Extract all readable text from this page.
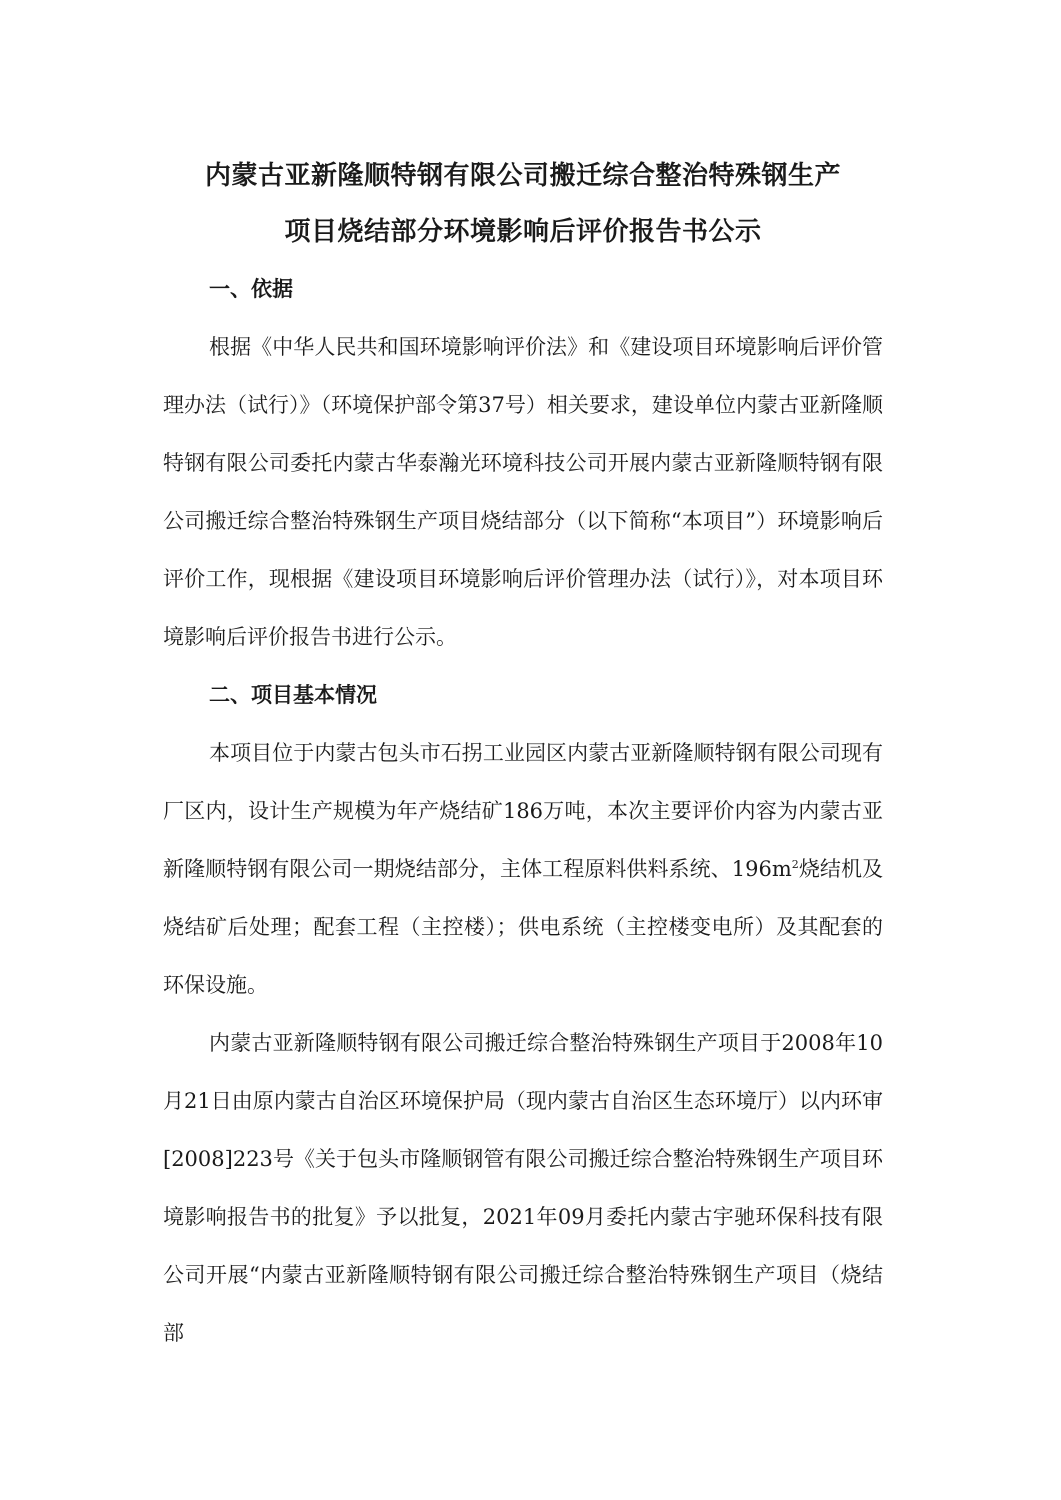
内蒙古亚新隆顺特钢有限公司搬迁综合整治特殊钢生产
项目烧结部分环境影响后评价报告书公示
一、依据

根据《中华人民共和国环境影响评价法》和《建设项目环境影响后评价管理办法（试行）》（环境保护部令第37号）相关要求，建设单位内蒙古亚新隆顺特钢有限公司委托内蒙古华泰瀚光环境科技公司开展内蒙古亚新隆顺特钢有限公司搬迁综合整治特殊钢生产项目烧结部分（以下简称“本项目”）环境影响后评价工作，现根据《建设项目环境影响后评价管理办法（试行）》，对本项目环境影响后评价报告书进行公示。

二、项目基本情况

本项目位于内蒙古包头市石拐工业园区内蒙古亚新隆顺特钢有限公司现有厂区内，设计生产规模为年产烧结矿186万吨，本次主要评价内容为内蒙古亚新隆顺特钢有限公司一期烧结部分，主体工程原料供料系统、$196m^2$烧结机及烧结矿后处理；配套工程（主控楼）；供电系统（主控楼变电所）及其配套的环保设施。

内蒙古亚新隆顺特钢有限公司搬迁综合整治特殊钢生产项目于2008年10月21日由原内蒙古自治区环境保护局（现内蒙古自治区生态环境厅）以内环审[2008]223号《关于包头市隆顺钢管有限公司搬迁综合整治特殊钢生产项目环境影响报告书的批复》予以批复，2021年09月委托内蒙古宇驰环保科技有限公司开展“内蒙古亚新隆顺特钢有限公司搬迁综合整治特殊钢生产项目（烧结部
